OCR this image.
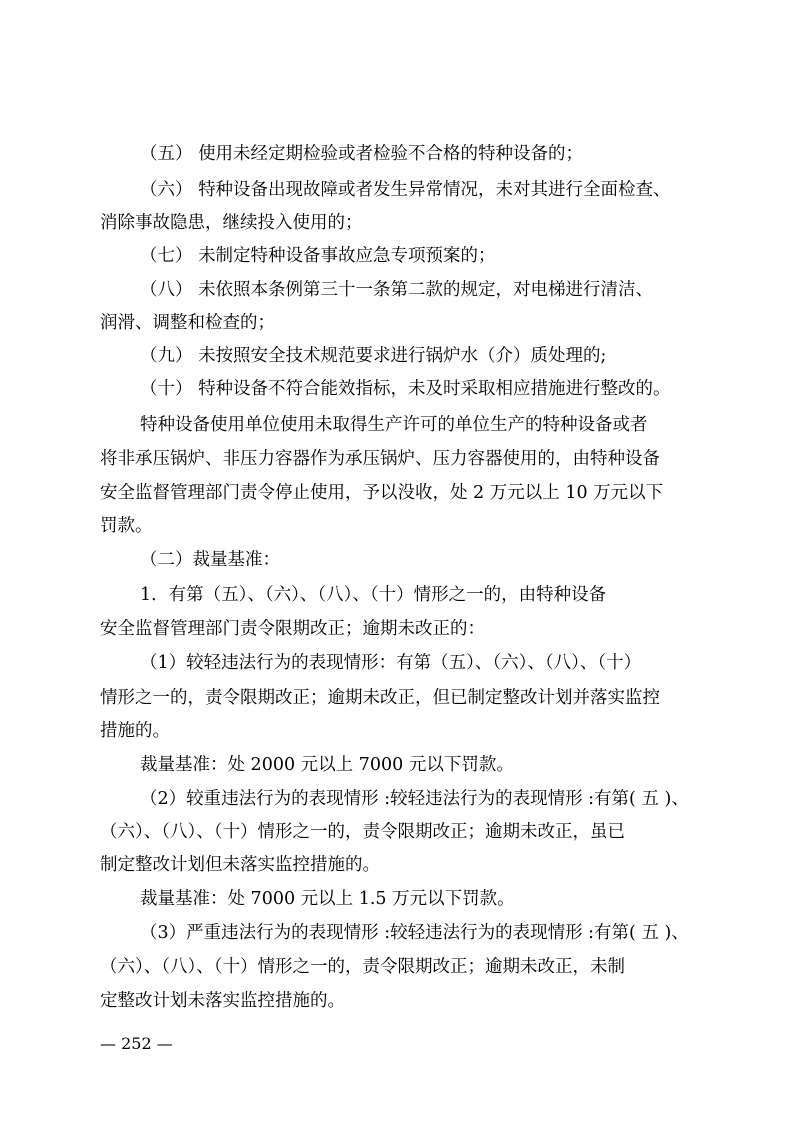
（五） 使用未经定期检验或者检验不合格的特种设备的；
（六） 特种设备出现故障或者发生异常情况，未对其进行全面检查、
消除事故隐患，继续投入使用的；
（七） 未制定特种设备事故应急专项预案的；
（八） 未依照本条例第三十一条第二款的规定，对电梯进行清洁、
润滑、调整和检查的；
（九） 未按照安全技术规范要求进行锅炉水（介）质处理的;
（十） 特种设备不符合能效指标，未及时采取相应措施进行整改的。
特种设备使用单位使用未取得生产许可的单位生产的特种设备或者
将非承压锅炉、非压力容器作为承压锅炉、压力容器使用的，由特种设备
安全监督管理部门责令停止使用，予以没收，处 2 万元以上 10 万元以下
罚款。
（二）裁量基准：
1．有第（五）、（六）、（八）、（十）情形之一的，由特种设备
安全监督管理部门责令限期改正；逾期未改正的：
（1）较轻违法行为的表现情形：有第（五）、（六）、（八）、（十）
情形之一的，责令限期改正；逾期未改正，但已制定整改计划并落实监控
措施的。
裁量基准：处 2000 元以上 7000 元以下罚款。
（2）较重违法行为的表现情形 :较轻违法行为的表现情形 :有第( 五 )、
（六）、（八）、（十）情形之一的，责令限期改正；逾期未改正，虽已
制定整改计划但未落实监控措施的。
裁量基准：处 7000 元以上 1.5 万元以下罚款。
（3）严重违法行为的表现情形 :较轻违法行为的表现情形 :有第( 五 )、
（六）、（八）、（十）情形之一的，责令限期改正；逾期未改正，未制
定整改计划未落实监控措施的。
— 252 —
